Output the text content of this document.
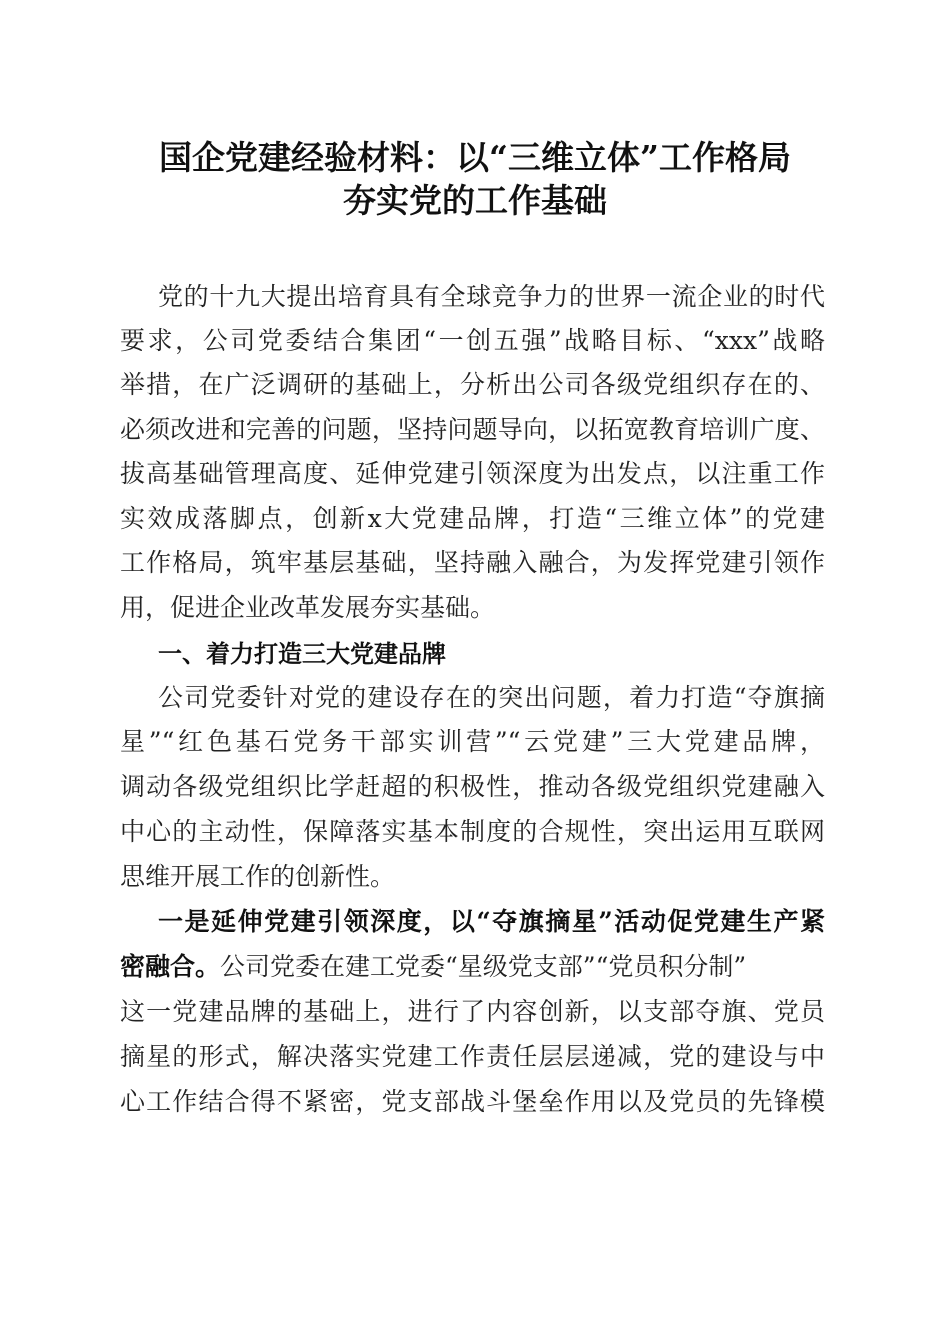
国企党建经验材料：以“三维立体”工作格局
夯实党的工作基础
党的十九大提出培育具有全球竞争力的世界一流企业的时代
要求，公司党委结合集团“一创五强”战略目标、“xxx”战略
举措，在广泛调研的基础上，分析出公司各级党组织存在的、
必须改进和完善的问题，坚持问题导向，以拓宽教育培训广度、
拔高基础管理高度、延伸党建引领深度为出发点，以注重工作
实效成落脚点，创新x大党建品牌，打造“三维立体”的党建
工作格局，筑牢基层基础，坚持融入融合，为发挥党建引领作
用，促进企业改革发展夯实基础。
一、着力打造三大党建品牌
公司党委针对党的建设存在的突出问题，着力打造“夺旗摘
星”“红色基石党务干部实训营”“云党建”三大党建品牌，
调动各级党组织比学赶超的积极性，推动各级党组织党建融入
中心的主动性，保障落实基本制度的合规性，突出运用互联网
思维开展工作的创新性。
一是延伸党建引领深度，以“夺旗摘星”活动促党建生产紧
密融合。公司党委在建工党委“星级党支部”“党员积分制”
这一党建品牌的基础上，进行了内容创新，以支部夺旗、党员
摘星的形式，解决落实党建工作责任层层递减，党的建设与中
心工作结合得不紧密，党支部战斗堡垒作用以及党员的先锋模
